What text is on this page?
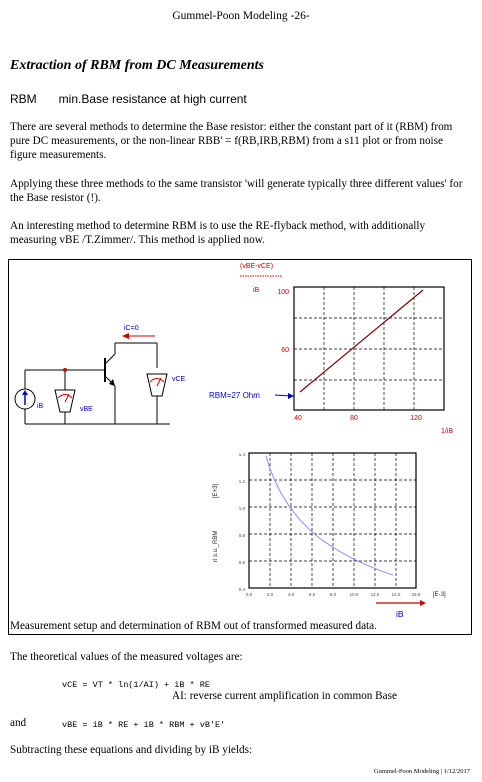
Gummel-Poon Modeling -26-
Extraction of RBM from DC Measurements
RBM min.Base resistance at high current
There are several methods to determine the Base resistor: either the constant part of it (RBM) from pure DC measurements, or the non-linear RBB' = f(RB,IRB,RBM) from a s11 plot or from noise figure measurements.
Applying these three methods to the same transistor 'will generate typically three different values' for the Base resistor (!).
An interesting method to determine RBM is to use the RE-flyback method, with additionally measuring vBE /T.Zimmer/. This method is applied now.
iC=0
vCE
iB	vBE
(vBE-vCE)
iB	100
60
40	80	120
1/iB
RBM=27 Ohm
1.4
1.2
1.0
0.8
0.6
0.4
0.0	2.0	4.0	6.0	8.0	10.0	12.0	14.0 16.0
ri s.u._RBM
[E+3]
[E-3]
iB
Measurement setup and determination of RBM out of transformed measured data.
The theoretical values of the measured voltages are:
vCE = VT * ln(1/AI) + iB * RE
AI: reverse current amplification in common Base
and	vBE = iB * RE + iB * RBM + vB'E'
Subtracting these equations and dividing by iB yields:
Gummel-Poon Modeling | 1/12/2017
